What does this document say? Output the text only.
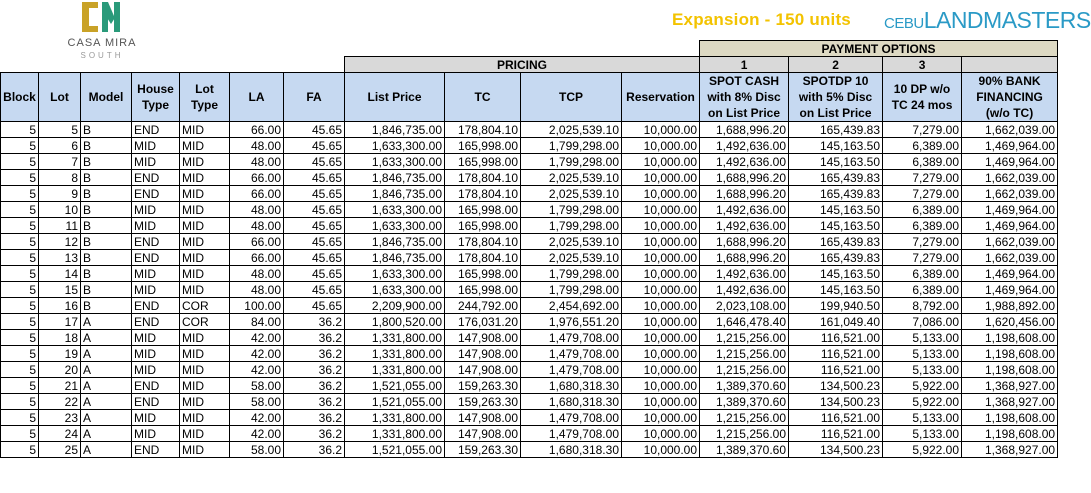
CASA MIRA
SOUTH
Expansion - 150 units CEBULANDMASTERS
											PAYMENT OPTIONS			
							PRICING				1	2	3	
Block	Lot	Model	House Type	Lot Type	LA	FA	List Price	TC	TCP	Reservation	SPOT CASH with 8% Disc on List Price	SPOTDP 10 with 5% Disc on List Price	10 DP w/o TC 24 mos	90% BANK FINANCING (w/o TC)
5	5	B	END	MID	66.00	45.65	1,846,735.00	178,804.10	2,025,539.10	10,000.00	1,688,996.20	165,439.83	7,279.00	1,662,039.00
5	6	B	MID	MID	48.00	45.65	1,633,300.00	165,998.00	1,799,298.00	10,000.00	1,492,636.00	145,163.50	6,389.00	1,469,964.00
5	7	B	MID	MID	48.00	45.65	1,633,300.00	165,998.00	1,799,298.00	10,000.00	1,492,636.00	145,163.50	6,389.00	1,469,964.00
5	8	B	END	MID	66.00	45.65	1,846,735.00	178,804.10	2,025,539.10	10,000.00	1,688,996.20	165,439.83	7,279.00	1,662,039.00
5	9	B	END	MID	66.00	45.65	1,846,735.00	178,804.10	2,025,539.10	10,000.00	1,688,996.20	165,439.83	7,279.00	1,662,039.00
5	10	B	MID	MID	48.00	45.65	1,633,300.00	165,998.00	1,799,298.00	10,000.00	1,492,636.00	145,163.50	6,389.00	1,469,964.00
5	11	B	MID	MID	48.00	45.65	1,633,300.00	165,998.00	1,799,298.00	10,000.00	1,492,636.00	145,163.50	6,389.00	1,469,964.00
5	12	B	END	MID	66.00	45.65	1,846,735.00	178,804.10	2,025,539.10	10,000.00	1,688,996.20	165,439.83	7,279.00	1,662,039.00
5	13	B	END	MID	66.00	45.65	1,846,735.00	178,804.10	2,025,539.10	10,000.00	1,688,996.20	165,439.83	7,279.00	1,662,039.00
5	14	B	MID	MID	48.00	45.65	1,633,300.00	165,998.00	1,799,298.00	10,000.00	1,492,636.00	145,163.50	6,389.00	1,469,964.00
5	15	B	MID	MID	48.00	45.65	1,633,300.00	165,998.00	1,799,298.00	10,000.00	1,492,636.00	145,163.50	6,389.00	1,469,964.00
5	16	B	END	COR	100.00	45.65	2,209,900.00	244,792.00	2,454,692.00	10,000.00	2,023,108.00	199,940.50	8,792.00	1,988,892.00
5	17	A	END	COR	84.00	36.2	1,800,520.00	176,031.20	1,976,551.20	10,000.00	1,646,478.40	161,049.40	7,086.00	1,620,456.00
5	18	A	MID	MID	42.00	36.2	1,331,800.00	147,908.00	1,479,708.00	10,000.00	1,215,256.00	116,521.00	5,133.00	1,198,608.00
5	19	A	MID	MID	42.00	36.2	1,331,800.00	147,908.00	1,479,708.00	10,000.00	1,215,256.00	116,521.00	5,133.00	1,198,608.00
5	20	A	MID	MID	42.00	36.2	1,331,800.00	147,908.00	1,479,708.00	10,000.00	1,215,256.00	116,521.00	5,133.00	1,198,608.00
5	21	A	END	MID	58.00	36.2	1,521,055.00	159,263.30	1,680,318.30	10,000.00	1,389,370.60	134,500.23	5,922.00	1,368,927.00
5	22	A	END	MID	58.00	36.2	1,521,055.00	159,263.30	1,680,318.30	10,000.00	1,389,370.60	134,500.23	5,922.00	1,368,927.00
5	23	A	MID	MID	42.00	36.2	1,331,800.00	147,908.00	1,479,708.00	10,000.00	1,215,256.00	116,521.00	5,133.00	1,198,608.00
5	24	A	MID	MID	42.00	36.2	1,331,800.00	147,908.00	1,479,708.00	10,000.00	1,215,256.00	116,521.00	5,133.00	1,198,608.00
5	25	A	END	MID	58.00	36.2	1,521,055.00	159,263.30	1,680,318.30	10,000.00	1,389,370.60	134,500.23	5,922.00	1,368,927.00
